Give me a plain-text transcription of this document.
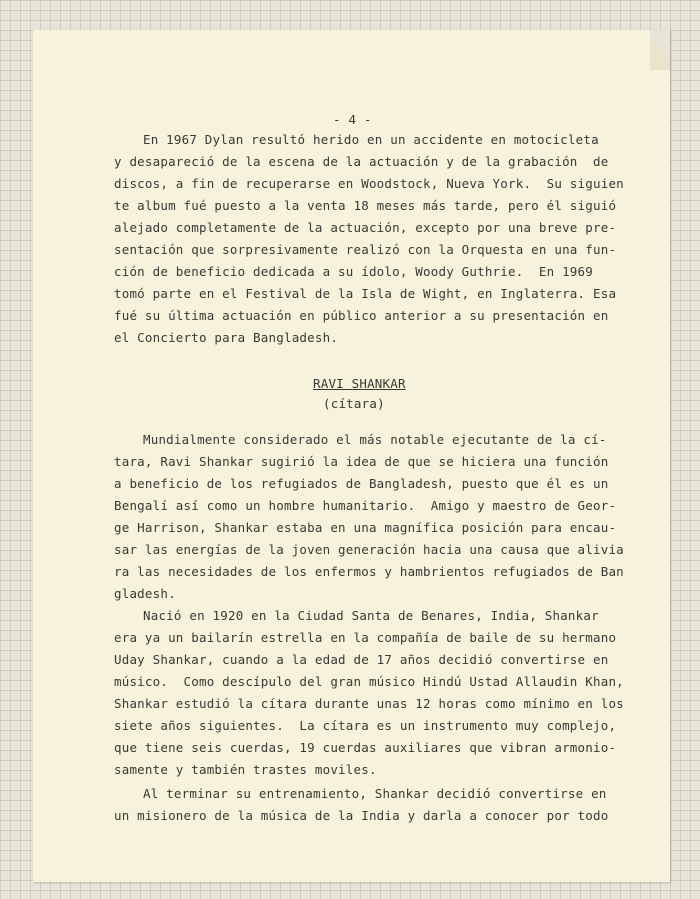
- 4 -
En 1967 Dylan resultó herido en un accidente en motocicleta
y desapareció de la escena de la actuación y de la grabación  de
discos, a fin de recuperarse en Woodstock, Nueva York.  Su siguien
te album fué puesto a la venta 18 meses más tarde, pero él siguió
alejado completamente de la actuación, excepto por una breve pre-
sentación que sorpresivamente realizó con la Orquesta en una fun-
ción de beneficio dedicada a su ídolo, Woody Guthrie.  En 1969
tomó parte en el Festival de la Isla de Wight, en Inglaterra. Esa
fué su última actuación en público anterior a su presentación en
el Concierto para Bangladesh.
RAVI SHANKAR
(cítara)
Mundialmente considerado el más notable ejecutante de la cí-
tara, Ravi Shankar sugirió la idea de que se hiciera una función
a beneficio de los refugiados de Bangladesh, puesto que él es un
Bengalí así como un hombre humanitario.  Amigo y maestro de Geor-
ge Harrison, Shankar estaba en una magnífica posición para encau-
sar las energías de la joven generación hacia una causa que alivia
ra las necesidades de los enfermos y hambrientos refugiados de Ban
gladesh.
Nació en 1920 en la Ciudad Santa de Benares, India, Shankar
era ya un bailarín estrella en la compañía de baile de su hermano
Uday Shankar, cuando a la edad de 17 años decidió convertirse en
músico.  Como descípulo del gran músico Hindú Ustad Allaudin Khan,
Shankar estudió la cítara durante unas 12 horas como mínimo en los
siete años siguientes.  La cítara es un instrumento muy complejo,
que tiene seis cuerdas, 19 cuerdas auxiliares que vibran armonio-
samente y también trastes moviles.
Al terminar su entrenamiento, Shankar decidió convertirse en
un misionero de la música de la India y darla a conocer por todo
